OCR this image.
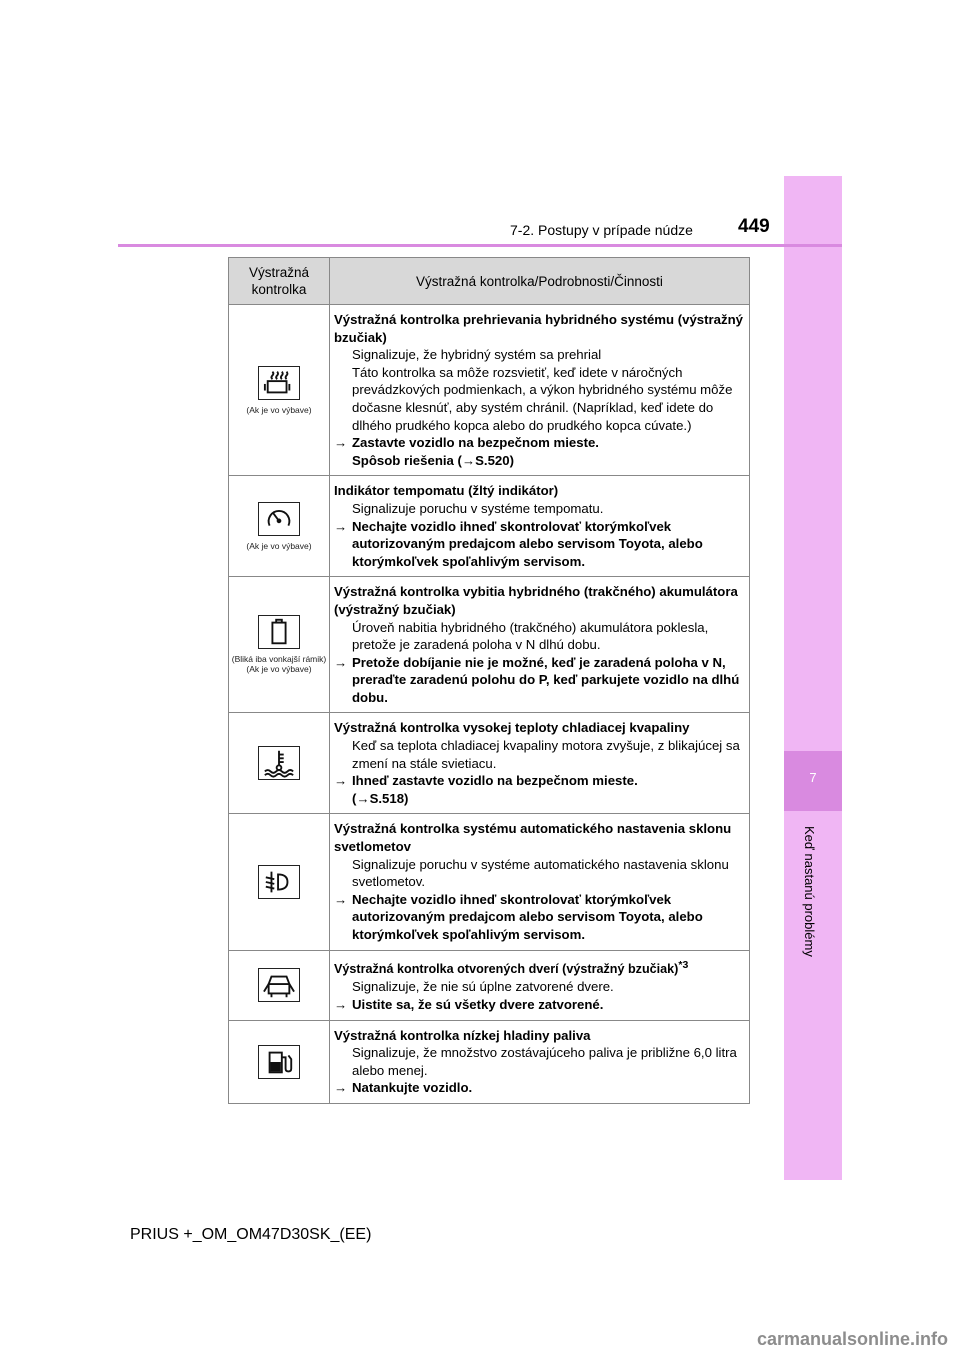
7
Keď nastanú problémy
7-2. Postupy v prípade núdze 449
Výstražná kontrolka	Výstražná kontrolka/Podrobnosti/Činnosti

(Ak je vo výbave)	Výstražná kontrolka prehrievania hybridného systému (výstražný bzučiak)
Signalizuje, že hybridný systém sa prehrial
Táto kontrolka sa môže rozsvietiť, keď idete v náročných prevádzkových podmienkach, a výkon hybridného systému môže dočasne klesnúť, aby systém chránil. (Napríklad, keď idete do dlhého prudkého kopca alebo do prudkého kopca cúvate.)
→ Zastavte vozidlo na bezpečnom mieste.
Spôsob riešenia (→S.520)

(Ak je vo výbave)	Indikátor tempomatu (žltý indikátor)
Signalizuje poruchu v systéme tempomatu.
→ Nechajte vozidlo ihneď skontrolovať ktorýmkoľvek autorizovaným predajcom alebo servisom Toyota, alebo ktorýmkoľvek spoľahlivým servisom.

(Bliká iba vonkajší rámik)
(Ak je vo výbave)	Výstražná kontrolka vybitia hybridného (trakčného) akumulátora (výstražný bzučiak)
Úroveň nabitia hybridného (trakčného) akumulátora poklesla, pretože je zaradená poloha v N dlhú dobu.
→ Pretože dobíjanie nie je možné, keď je zaradená poloha v N, preraďte zaradenú polohu do P, keď parkujete vozidlo na dlhú dobu.

Výstražná kontrolka vysokej teploty chladiacej kvapaliny
Keď sa teplota chladiacej kvapaliny motora zvyšuje, z blikajúcej sa zmení na stále svietiacu.
→ Ihneď zastavte vozidlo na bezpečnom mieste.
(→S.518)

Výstražná kontrolka systému automatického nastavenia sklonu svetlometov
Signalizuje poruchu v systéme automatického nastavenia sklonu svetlometov.
→ Nechajte vozidlo ihneď skontrolovať ktorýmkoľvek autorizovaným predajcom alebo servisom Toyota, alebo ktorýmkoľvek spoľahlivým servisom.

Výstražná kontrolka otvorených dverí (výstražný bzučiak)$^{*3}$
Signalizuje, že nie sú úplne zatvorené dvere.
→ Uistite sa, že sú všetky dvere zatvorené.

Výstražná kontrolka nízkej hladiny paliva
Signalizuje, že množstvo zostávajúceho paliva je približne 6,0 litra alebo menej.
→ Natankujte vozidlo.
PRIUS +_OM_OM47D30SK_(EE)
carmanualsonline.info
